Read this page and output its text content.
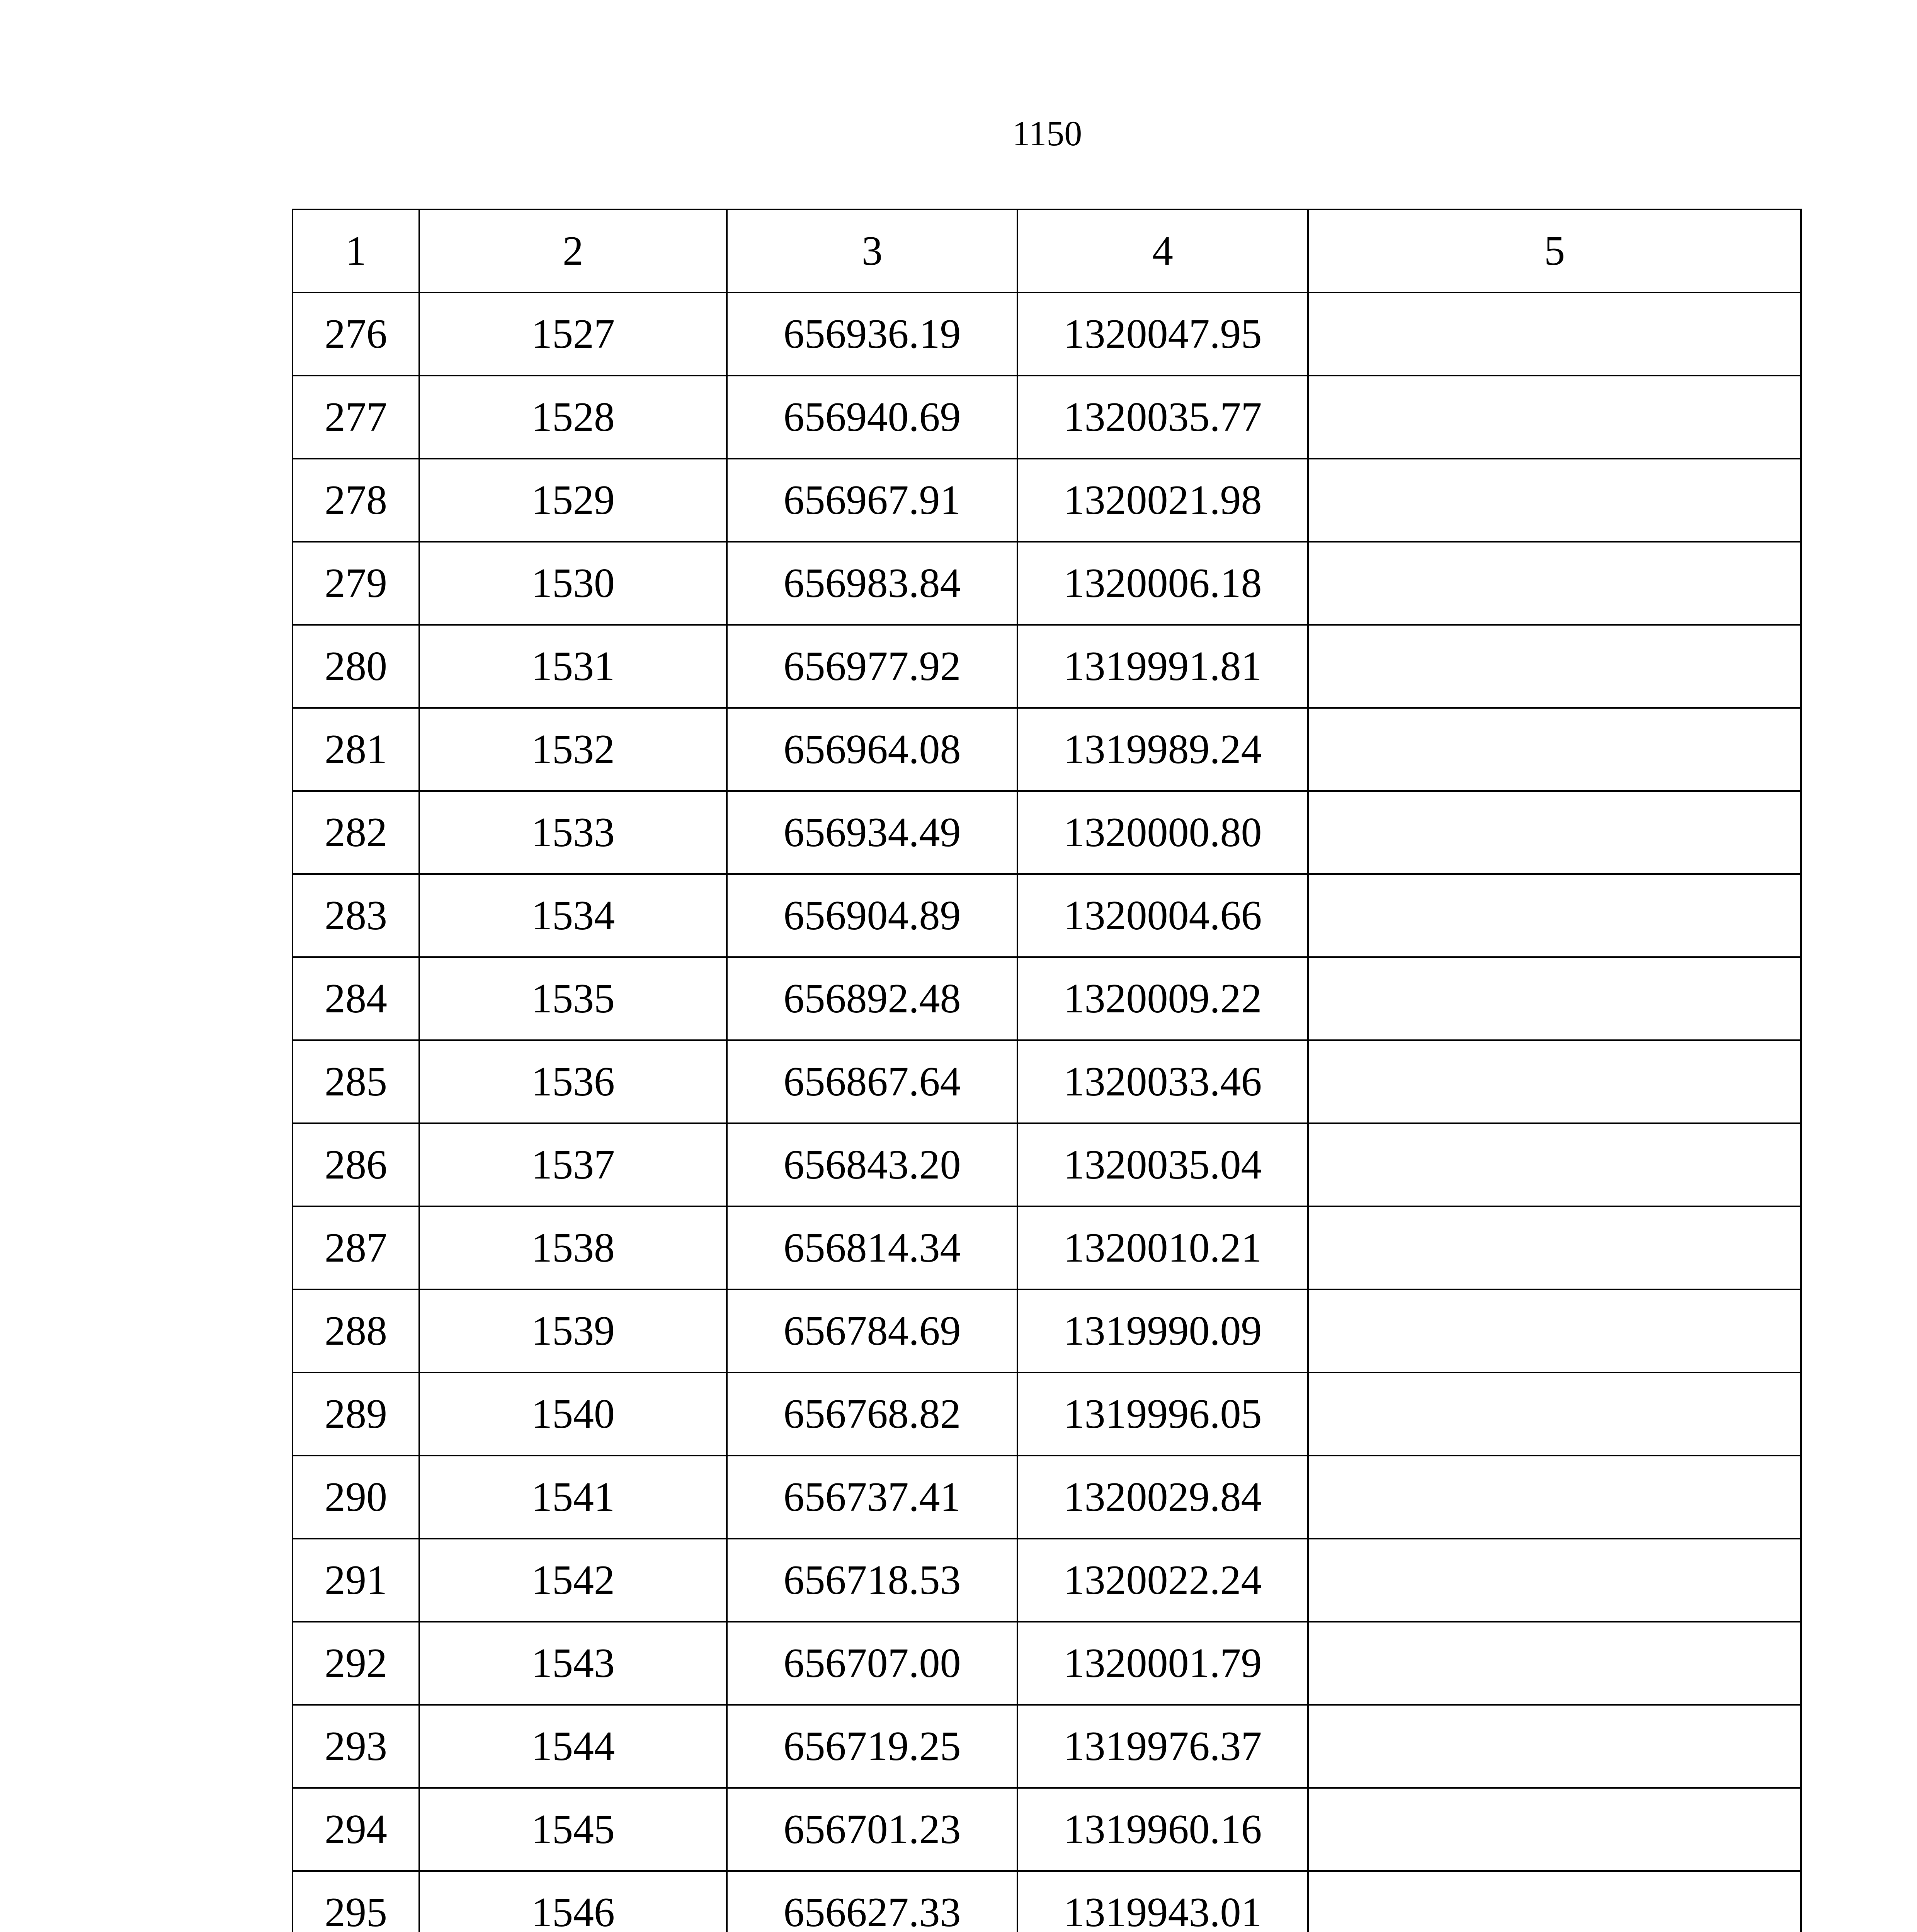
1150
1	2	3	4	5
276	1527	656936.19	1320047.95	
277	1528	656940.69	1320035.77	
278	1529	656967.91	1320021.98	
279	1530	656983.84	1320006.18	
280	1531	656977.92	1319991.81	
281	1532	656964.08	1319989.24	
282	1533	656934.49	1320000.80	
283	1534	656904.89	1320004.66	
284	1535	656892.48	1320009.22	
285	1536	656867.64	1320033.46	
286	1537	656843.20	1320035.04	
287	1538	656814.34	1320010.21	
288	1539	656784.69	1319990.09	
289	1540	656768.82	1319996.05	
290	1541	656737.41	1320029.84	
291	1542	656718.53	1320022.24	
292	1543	656707.00	1320001.79	
293	1544	656719.25	1319976.37	
294	1545	656701.23	1319960.16	
295	1546	656627.33	1319943.01	
